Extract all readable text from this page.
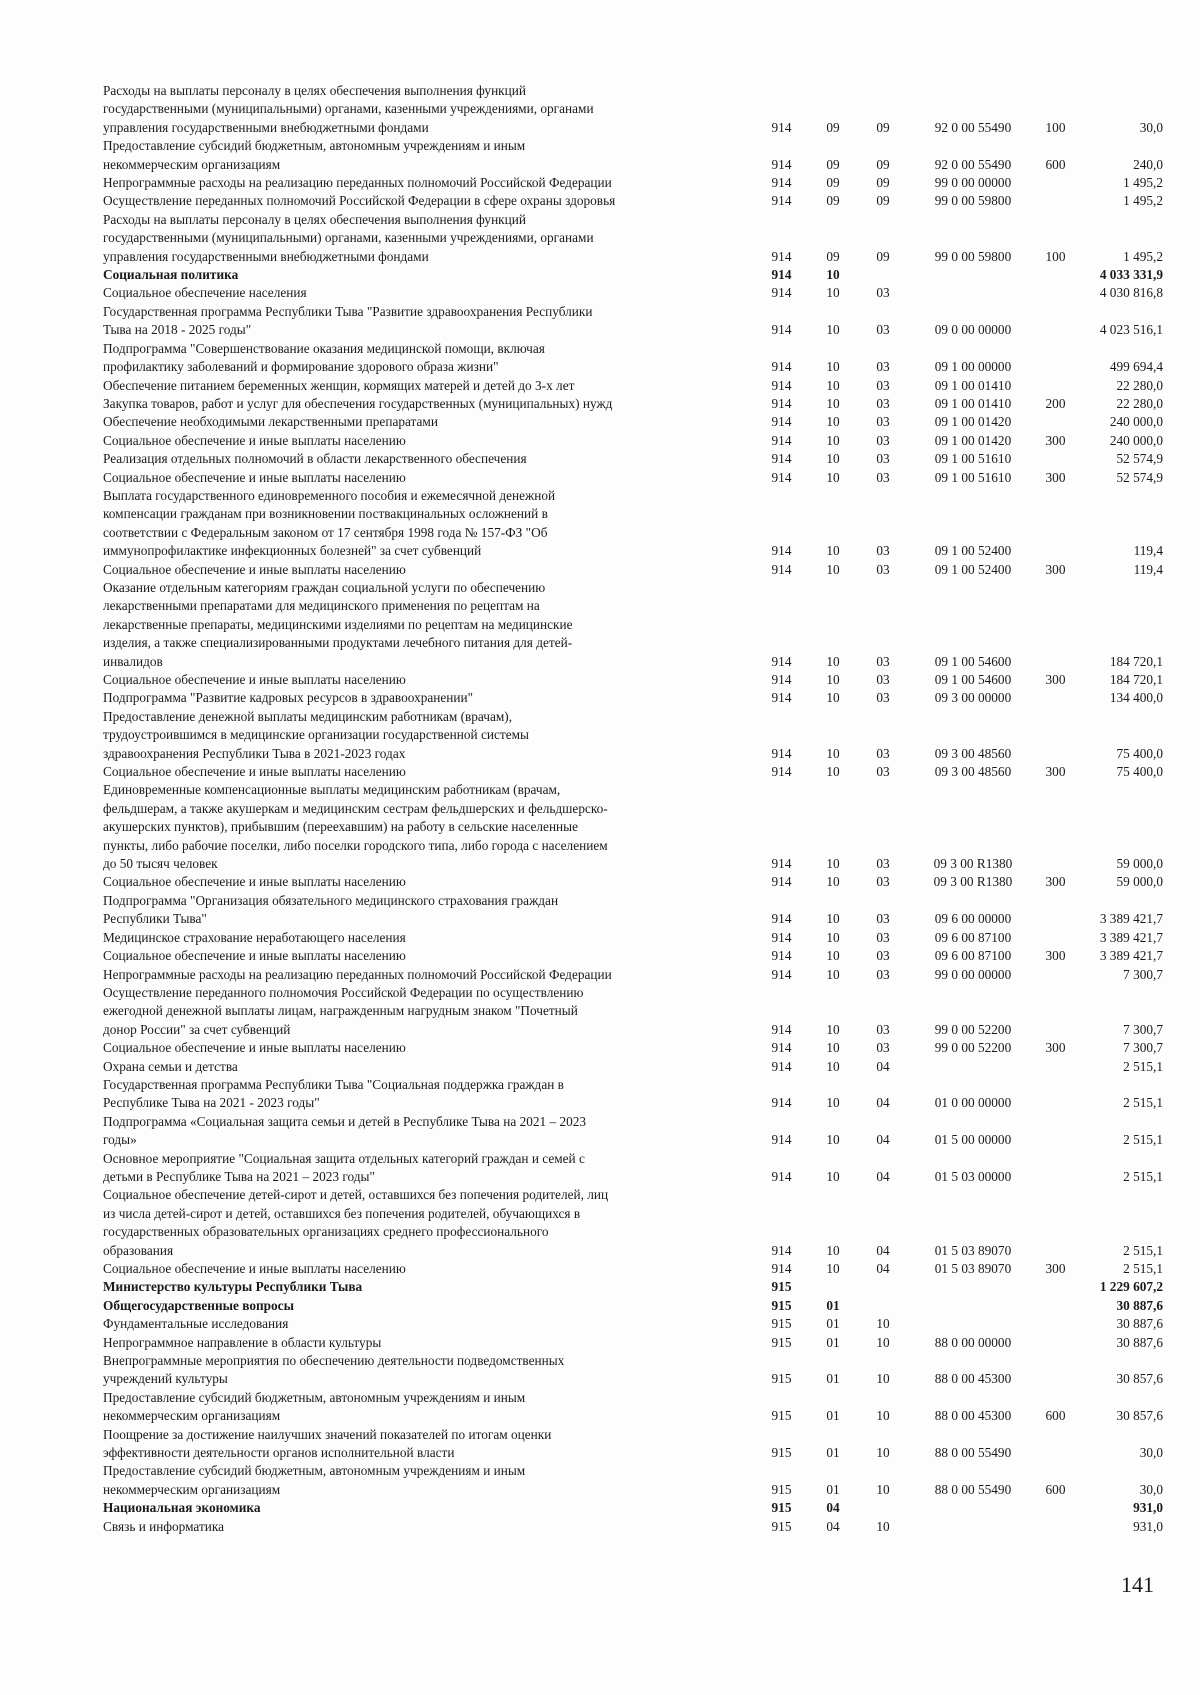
Расходы на выплаты персоналу в целях обеспечения выполнения функций
государственными (муниципальными) органами, казенными учреждениями, органами
управления государственными внебюджетными фондами	914	09	09	92 0 00 55490	100	30,0
Предоставление субсидий бюджетным, автономным учреждениям и иным
некоммерческим организациям	914	09	09	92 0 00 55490	600	240,0
Непрограммные расходы на реализацию переданных полномочий Российской Федерации	914	09	09	99 0 00 00000		1 495,2
Осуществление переданных полномочий Российской Федерации в сфере охраны здоровья	914	09	09	99 0 00 59800		1 495,2
Расходы на выплаты персоналу в целях обеспечения выполнения функций
государственными (муниципальными) органами, казенными учреждениями, органами
управления государственными внебюджетными фондами	914	09	09	99 0 00 59800	100	1 495,2
Социальная политика	914	10				4 033 331,9
Социальное обеспечение населения	914	10	03			4 030 816,8
Государственная программа Республики Тыва "Развитие здравоохранения Республики
Тыва на 2018 - 2025 годы"	914	10	03	09 0 00 00000		4 023 516,1
Подпрограмма "Совершенствование оказания медицинской помощи, включая
профилактику заболеваний и формирование здорового образа жизни"	914	10	03	09 1 00 00000		499 694,4
Обеспечение питанием беременных женщин, кормящих матерей и детей до 3-х лет	914	10	03	09 1 00 01410		22 280,0
Закупка товаров, работ и услуг для обеспечения государственных (муниципальных) нужд	914	10	03	09 1 00 01410	200	22 280,0
Обеспечение необходимыми лекарственными препаратами	914	10	03	09 1 00 01420		240 000,0
Социальное обеспечение и иные выплаты населению	914	10	03	09 1 00 01420	300	240 000,0
Реализация отдельных полномочий в области лекарственного обеспечения	914	10	03	09 1 00 51610		52 574,9
Социальное обеспечение и иные выплаты населению	914	10	03	09 1 00 51610	300	52 574,9
Выплата государственного единовременного пособия и ежемесячной денежной
компенсации гражданам при возникновении поствакцинальных осложнений в
соответствии с Федеральным законом от 17 сентября 1998 года № 157-ФЗ "Об
иммунопрофилактике инфекционных болезней" за счет субвенций	914	10	03	09 1 00 52400		119,4
Социальное обеспечение и иные выплаты населению	914	10	03	09 1 00 52400	300	119,4
Оказание отдельным категориям граждан социальной услуги по обеспечению
лекарственными препаратами для медицинского применения по рецептам на
лекарственные препараты, медицинскими изделиями по рецептам на медицинские
изделия, а также специализированными продуктами лечебного питания для детей-
инвалидов	914	10	03	09 1 00 54600		184 720,1
Социальное обеспечение и иные выплаты населению	914	10	03	09 1 00 54600	300	184 720,1
Подпрограмма "Развитие кадровых ресурсов в здравоохранении"	914	10	03	09 3 00 00000		134 400,0
Предоставление денежной выплаты медицинским работникам (врачам),
трудоустроившимся в медицинские организации государственной системы
здравоохранения Республики Тыва в 2021-2023 годах	914	10	03	09 3 00 48560		75 400,0
Социальное обеспечение и иные выплаты населению	914	10	03	09 3 00 48560	300	75 400,0
Единовременные компенсационные выплаты медицинским работникам (врачам,
фельдшерам, а также акушеркам и медицинским сестрам фельдшерских и фельдшерско-
акушерских пунктов), прибывшим (переехавшим) на работу в сельские населенные
пункты, либо рабочие поселки, либо поселки городского типа, либо города с населением
до 50 тысяч человек	914	10	03	09 3 00 R1380		59 000,0
Социальное обеспечение и иные выплаты населению	914	10	03	09 3 00 R1380	300	59 000,0
Подпрограмма "Организация обязательного медицинского страхования граждан
Республики Тыва"	914	10	03	09 6 00 00000		3 389 421,7
Медицинское страхование неработающего населения	914	10	03	09 6 00 87100		3 389 421,7
Социальное обеспечение и иные выплаты населению	914	10	03	09 6 00 87100	300	3 389 421,7
Непрограммные расходы на реализацию переданных полномочий Российской Федерации	914	10	03	99 0 00 00000		7 300,7
Осуществление переданного полномочия Российской Федерации по осуществлению
ежегодной денежной выплаты лицам, награжденным нагрудным знаком "Почетный
донор России" за счет субвенций	914	10	03	99 0 00 52200		7 300,7
Социальное обеспечение и иные выплаты населению	914	10	03	99 0 00 52200	300	7 300,7
Охрана семьи и детства	914	10	04			2 515,1
Государственная программа Республики Тыва "Социальная поддержка граждан в
Республике Тыва на 2021 - 2023 годы"	914	10	04	01 0 00 00000		2 515,1
Подпрограмма «Социальная защита семьи и детей в Республике Тыва на 2021 – 2023
годы»	914	10	04	01 5 00 00000		2 515,1
Основное мероприятие "Социальная защита отдельных категорий граждан и семей с
детьми в Республике Тыва на 2021 – 2023 годы"	914	10	04	01 5 03 00000		2 515,1
Социальное обеспечение детей-сирот и детей, оставшихся без попечения родителей, лиц
из числа детей-сирот и детей, оставшихся без попечения родителей, обучающихся в
государственных образовательных организациях среднего профессионального
образования	914	10	04	01 5 03 89070		2 515,1
Социальное обеспечение и иные выплаты населению	914	10	04	01 5 03 89070	300	2 515,1
Министерство культуры Республики Тыва	915					1 229 607,2
Общегосударственные вопросы	915	01				30 887,6
Фундаментальные исследования	915	01	10			30 887,6
Непрограммное направление в области культуры	915	01	10	88 0 00 00000		30 887,6
Внепрограммные мероприятия по обеспечению деятельности подведомственных
учреждений культуры	915	01	10	88 0 00 45300		30 857,6
Предоставление субсидий бюджетным, автономным учреждениям и иным
некоммерческим организациям	915	01	10	88 0 00 45300	600	30 857,6
Поощрение за достижение наилучших значений показателей по итогам оценки
эффективности деятельности органов исполнительной власти	915	01	10	88 0 00 55490		30,0
Предоставление субсидий бюджетным, автономным учреждениям и иным
некоммерческим организациям	915	01	10	88 0 00 55490	600	30,0
Национальная экономика	915	04				931,0
Связь и информатика	915	04	10			931,0
141
